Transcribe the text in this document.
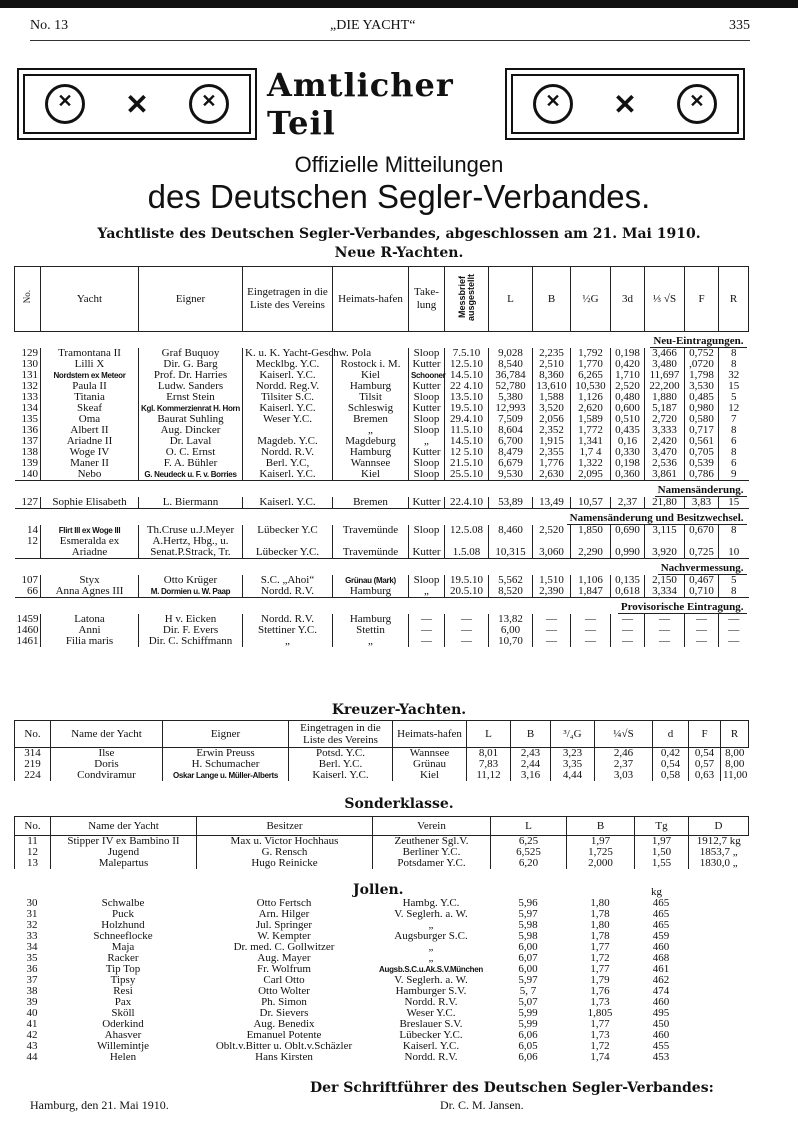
No. 13	„DIE YACHT“	335
✕
✕ ✕	Amtlicher Teil ✕	✕
✕
Offizielle Mitteilungen
des Deutschen Segler-Verbandes.
Yachtliste des Deutschen Segler-Verbandes, abgeschlossen am 21. Mai 1910.
Neue R-Yachten.
No.	Yacht	Eigner	Eingetragen in die Liste des Vereins	Heimats-hafen	Take-lung	Messbrief ausgestellt	L	B	½G	3d	⅓ √S	F	R
Neu-Eintragungen.													
129	Tramontana II	Graf Buquoy	K. u. K. Yacht-Geschw. Pola		Sloop	7.5.10	9,028	2,235	1,792	0,198	3,466	0,752	8
130	Lilli X	Dir. G. Barg	Mecklbg. Y.C.	Rostock i. M.	Kutter	12.5.10	8,540	2,510	1,770	0,420	3,480	,0720	8
131	Nordstern ex Meteor	Prof. Dr. Harries	Kaiserl. Y.C.	Kiel	Schooner	14.5.10	36,784	8,360	6,265	1,710	11,697	1,798	32
132	Paula II	Ludw. Sanders	Nordd. Reg.V.	Hamburg	Kutter	22 4.10	52,780	13,610	10,530	2,520	22,200	3,530	15
133	Titania	Ernst Stein	Tilsiter S.C.	Tilsit	Sloop	13.5.10	5,380	1,588	1,126	0,480	1,880	0,485	5
134	Skeaf	Kgl. Kommerzienrat H. Horn	Kaiserl. Y.C.	Schleswig	Kutter	19.5.10	12,993	3,520	2,620	0,600	5,187	0,980	12
135	Oma	Baurat Suhling	Weser Y.C.	Bremen	Sloop	29.4.10	7,509	2,056	1,589	0,510	2,720	0,580	7
136	Albert II	Aug. Dincker		„	Sloop	11.5.10	8,604	2,352	1,772	0,435	3,333	0,717	8
137	Ariadne II	Dr. Laval	Magdeb. Y.C.	Magdeburg	„	14.5.10	6,700	1,915	1,341	0,16	2,420	0,561	6
138	Woge IV	O. C. Ernst	Nordd. R.V.	Hamburg	Kutter	12 5.10	8,479	2,355	1,7 4	0,330	3,470	0,705	8
139	Maner II	F. A. Bühler	Berl. Y.C,	Wannsee	Sloop	21.5.10	6,679	1,776	1,322	0,198	2,536	0,539	6
140	Nebo	G. Neudeck u. F. v. Borries	Kaiserl. Y.C.	Kiel	Sloop	25.5.10	9,530	2,630	2,095	0,360	3,861	0,786	9
Namensänderung.													
127	Sophie Elisabeth	L. Biermann	Kaiserl. Y.C.	Bremen	Kutter	22.4.10	53,89	13,49	10,57	2,37	21,80	3,83	15
Namensänderung und Besitzwechsel.													
14	Flirt III ex Woge III	Th.Cruse u.J.Meyer	Lübecker Y.C	Travemünde	Sloop	12.5.08	8,460	2,520	1,850	0,690	3,115	0,670	8
12	Esmeralda ex	A.Hertz, Hbg., u.											
	Ariadne	Senat.P.Strack, Tr.	Lübecker Y.C.	Travemünde	Kutter	1.5.08	10,315	3,060	2,290	0,990	3,920	0,725	10
Nachvermessung.													
107	Styx	Otto Krüger	S.C. „Ahoi“	Grünau (Mark)	Sloop	19.5.10	5,562	1,510	1,106	0,135	2,150	0,467	5
66	Anna Agnes III	M. Dormien u. W. Paap	Nordd. R.V.	Hamburg	„	20.5.10	8,520	2,390	1,847	0,618	3,334	0,710	8
Provisorische Eintragung.													
1459	Latona	H v. Eicken	Nordd. R.V.	Hamburg	—	—	13,82	—	—	—	—	—	—
1460	Anni	Dir. F. Evers	Stettiner Y.C.	Stettin	—	—	6,00	—	—	—	—	—	—
1461	Filia maris	Dir. C. Schiffmann	„	„	—	—	10,70	—	—	—	—	—	—
Kreuzer-Yachten.
No.	Name der Yacht	Eigner	Eingetragen in die Liste des Vereins	Heimats-hafen	L	B	³/₄G	¼√S	d	F	R
314	Ilse	Erwin Preuss	Potsd. Y.C.	Wannsee	8,01	2,43	3,23	2,46	0,42	0,54	8,00
219	Doris	H. Schumacher	Berl. Y.C.	Grünau	7,83	2,44	3,35	2,37	0,54	0,57	8,00
224	Condviramur	Oskar Lange u. Müller-Alberts	Kaiserl. Y.C.	Kiel	11,12	3,16	4,44	3,03	0,58	0,63	11,00
Sonderklasse.
No.	Name der Yacht	Besitzer	Verein	L	B	Tg	D
11	Stipper IV ex Bambino II	Max u. Victor Hochhaus	Zeuthener Sgl.V.	6,25	1,97	1,97	1912,7 kg
12	Jugend	G. Rensch	Berliner Y.C.	6,525	1,725	1,50	1853,7 „
13	Malepartus	Hugo Reinicke	Potsdamer Y.C.	6,20	2,000	1,55	1830,0 „
Jollen.	kg
30	Schwalbe	Otto Fertsch	Hambg. Y.C.	5,96	1,80	465	
31	Puck	Arn. Hilger	V. Seglerh. a. W.	5,97	1,78	465	
32	Holzhund	Jul. Springer	„	5,98	1,80	465	
33	Schneeflocke	W. Kempter	Augsburger S.C.	5,98	1,78	459	
34	Maja	Dr. med. C. Gollwitzer	„	6,00	1,77	460	
35	Racker	Aug. Mayer	„	6,07	1,72	468	
36	Tip Top	Fr. Wolfrum	Augsb.S.C.u.Ak.S.V.München	6,00	1,77	461	
37	Tipsy	Carl Otto	V. Seglerh. a. W.	5,97	1,79	462	
38	Resi	Otto Wolter	Hamburger S.V.	5, 7	1,76	474	
39	Pax	Ph. Simon	Nordd. R.V.	5,07	1,73	460	
40	Sköll	Dr. Sievers	Weser Y.C.	5,99	1,805	495	
41	Oderkind	Aug. Benedix	Breslauer S.V.	5,99	1,77	450	
42	Ahasver	Emanuel Potente	Lübecker Y.C.	6,06	1,73	460	
43	Willemintje	Oblt.v.Bitter u. Oblt.v.Schäzler	Kaiserl. Y.C.	6,05	1,72	455	
44	Helen	Hans Kirsten	Nordd. R.V.	6,06	1,74	453	
Der Schriftführer des Deutschen Segler-Verbandes:
Hamburg, den 21. Mai 1910.	Dr. C. M. Jansen.
